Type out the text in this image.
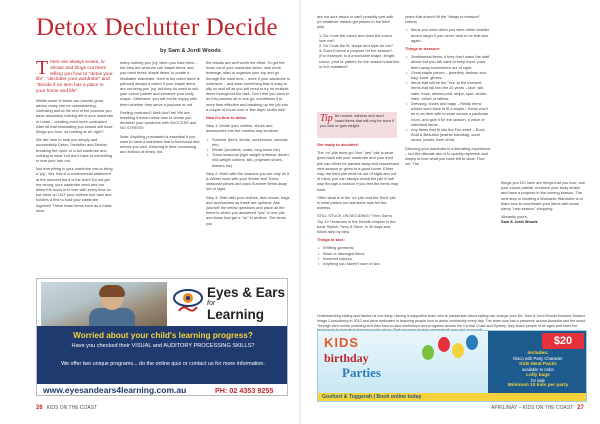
Detox Declutter Decide
by Sam & Jordi Woods

T here are always books, tv shows and blogs out there telling you how to "detox your life", "declutter your wardrobe" and "decide if an item has a place in your home and life".

Whilst some of these can provide good advice many can be overwhelming, confusing and at the end of the process you have absolutely nothing left in your wardrobe or home – creating even more confusion! After all that eliminating you should still have things you love, so hording at all, right?

We are here to help you simply and successfully Detox, Declutter and Decide, breaking the cycle of 'a full wardrobe and nothing to wear' but don't have to something to tear your hair out...

Not everything in your wardrobe has to bring a 'joy'. Yes, this is a controversial statement at the moment but it is the truth! Do not get me wrong, your wardrobe need and our items the focus is to love with every time so put them on OUT your clothes one rack and holders a first to hold your wardrobe together! These basic items such as a black shoe

many nothing you 'joy' when you hold them – but they are what we call 'staple items' and you need these 'staple items' to create a Workable Wardrobe. Here is the catch there is (almost) always a catch! If your staple items are not bring you 'joy' but they do need to suit your colour palette and enhance your body shape. Otherwise, you will not be happy with them whether they serve a purpose or not.

Feeling confused? Well don't be! We are breaking it down below how to create you declutter your wardrobe with SUCCESS and NO STRESS!

Note: Anything purchased is essential if you want to have a wardrobe that is functional and serves you well. Detoxing is time consuming and tedious at times, but

the results are well worth the effort. To get the most out of your wardrobe detox, lose more leverage, start to organize your top and go through the most time – more if your wardrobe is extensive – and wear something that is easy to slip on and off as you will need to try on multiple items throughout the task. Don't feel you have to do this process all in one go, sometimes it is more time effective and breaking up the job into a couple of hours over a 'few days' works well.

Now it's time to detox

Step 1: Divide your clothes, shoes and accessories into the one/two day sections.

• Summer (tee's, shorts, sundresses, sandals etc)
• Winter (woollens, coats, long boots etc)
• Trans-seasonal (light weight knitwear, denim, mid-weight cottons, silk, polyester shoes, blazers etc)

Step 2: Work with the seasons you are only in! It is Winter work with your Winter and Trans-seasonal pieces and pack Summer items away out of sight.

Step 3: Start with your clothes, then shoes, bags and accessories as these are optional. Ask yourself the below questions and place all the items to which you answered "yes" in one pile and those that get a "no" in another. The items you

Eyes & Ears
for
Learning
Worried about your child's learning progress?
Have you checked their VISUAL and AUDITORY PROCESSING SKILLS?
We offer two unique programs... do the online quiz or contact us for more information.
www.eyesandears4learning.com.au	PH: 02 4353 9255
26 KIDS ON THE COAST

are not sure about or can't possibly part with (or whatever means get placed in the third pile).

1. Do I love the colour and does the colour love me?
2. Do I love the fit, shape and style for me?
3. Does it serve a purpose for the season? (For example, is it a workable shape, length, colour, print or pattern for the season's fashion or is it outdated?
Tip Be honest, ruthless and don't hoard items that will only be worn if you lose or gain weight.

Get ready to declutter!

The 'no' pile must go! Your "yes" pile is what goes back into your wardrobe and your third pile can either be packed away and reassessed next season or given to a good home. Either way, the third pile must be out of sight and out of mind, you can always revisit the pile if half way through a season if you feel the items may work.

Often what is in the 'no' pile and the 'third' pile is what makes our wardrobe look full but useless.

STILL STUCK ON DECIDING? Then Sam's Top 10 Treasures in the Decide chapter in the book Stylish, Sexy & Sane, in 30 days and follow step by step.

Things to toss:

• Ill fitting garments
• Worn or damaged items
• Incorrect colours
• Anything you haven't worn in two

years that doesn't fit the "things to treasure" criteria

• Items you wore when you were either smaller and/or larger if you never wish to be that size again.

Things to treasure:

• Sentimental items: if they don't make the staff above but you still want to keep them, pack them away somewhere out of sight.
• Great staple pieces – jewellery, fashion and bag, scarf, gloves.
• Items that will be the 'Yes' at the moment. Items that fall into the 10 years – lace, silk, satin, frock, animal print, stripe, spot, denim, linen, velvet or taffeta.
• Dressing, shoes and bags – Really items whose work back to fit a staple – these won't be in an item with to store across a particular room, and give it for the season, a value of individual items.
• Any items that fit into the Fun trend – Rock, Bold & Beautiful (leather handbag, court shoes, pearls, linen shirt).

Detoxing your wardrobe is a liberating experience – but the ultimate aim is to quickly replenish and simply to love what you have left to wear. Find out. The

things you DO have are things that you love, suit your colour palette, enhance your body shape and have a purpose in the coming season. The next step in creating a Workable Wardrobe is to learn how to coordinate your items with some savvy "new season" shopping.

Vibrantly yours,

Sam & Jordi Woods

Understanding styling and fashion is one thing. Having a supportive team who is passionate about styling can change your life. Sam & Jordi Woods founded Sassed Image Consultancy in 2010 and were dedicated to teaching people how to dress confidently every day. The team now has a presence across Australia and the world. Through their online coaching and their face-to-face workshops and programs across the Central Coast and Sydney, they teach people of all ages and sizes the
KIDS
birthday
Parties
$20
Includes:
Disco with Party Character
Kids Meal Packs
available to order
Lolly bags
for sale
Minimum 10 kids per party
Gosford & Tuggerah | Book online today
APRIL/MAY – KIDS ON THE COAST 27
